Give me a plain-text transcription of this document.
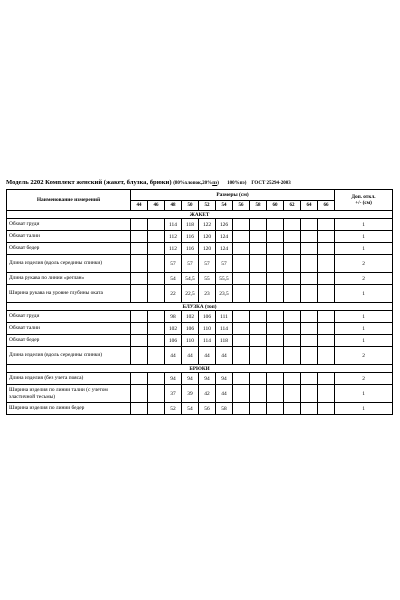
Модель 2202 Комплект женский (жакет, блузка, брюки) (80%хлопок,20%пэ) 100%пэ) ГОСТ 25294-2003
Наименование измерений	Размеры (см)												Доп. откл.
+/- (см)
	44	46	48	50	52	54	56	58	60	62	64	66	
ЖАКЕТ													
Обхват груди			114	118	122	126							1
Обхват талии			112	116	120	124							1
Обхват бедер			112	116	120	124							1
Длина изделия (вдоль середины спинки)			57	57	57	57							2
Длина рукава по линии «реглан»			54	54,5	55	55,5							2
Ширина рукава на уровне глубины оката			22	22,5	23	23,5							1
БЛУЗКА (топ)													
Обхват груди			98	102	106	111							1
Обхват талии			102	106	110	114							1
Обхват бедер			106	110	114	118							1
Длина изделия (вдоль середины спинки)			44	44	44	44							2
БРЮКИ													
Длина изделия (без учета пояса)			94	94	94	94							2
Ширина изделия по линии талии (с учетом эластичной тесьмы)			37	39	42	44							1
Ширина изделия по линии бедер			52	54	56	58							1
